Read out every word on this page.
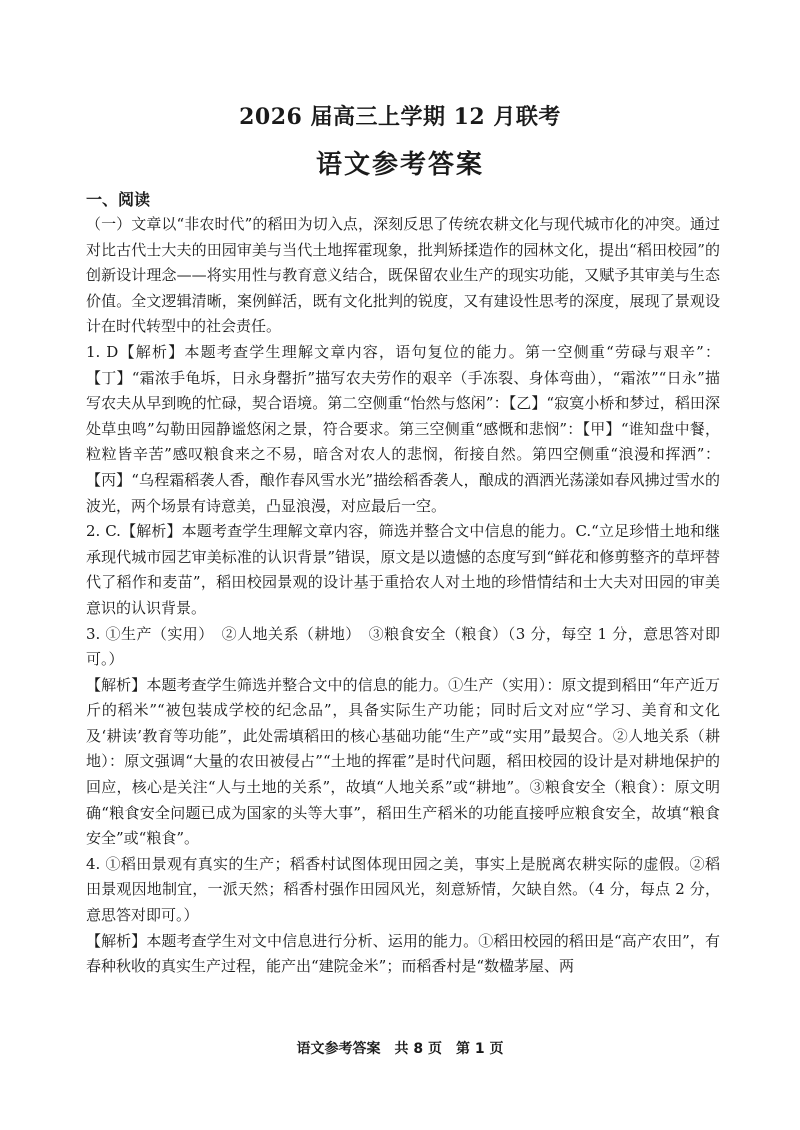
2026 届高三上学期 12 月联考
语文参考答案
一、阅读

（一）文章以“非农时代”的稻田为切入点，深刻反思了传统农耕文化与现代城市化的冲突。通过对比古代士大夫的田园审美与当代土地挥霍现象，批判矫揉造作的园林文化，提出“稻田校园”的创新设计理念——将实用性与教育意义结合，既保留农业生产的现实功能，又赋予其审美与生态价值。全文逻辑清晰，案例鲜活，既有文化批判的锐度，又有建设性思考的深度，展现了景观设计在时代转型中的社会责任。

1. D【解析】本题考查学生理解文章内容，语句复位的能力。第一空侧重“劳碌与艰辛”：【丁】“霜浓手龟坼，日永身罄折”描写农夫劳作的艰辛（手冻裂、身体弯曲），“霜浓”“日永”描写农夫从早到晚的忙碌，契合语境。第二空侧重“怡然与悠闲”：【乙】“寂寞小桥和梦过，稻田深处草虫鸣”勾勒田园静谧悠闲之景，符合要求。第三空侧重“感慨和悲悯”：【甲】“谁知盘中餐，粒粒皆辛苦”感叹粮食来之不易，暗含对农人的悲悯，衔接自然。第四空侧重“浪漫和挥洒”：【丙】“乌程霜稻袭人香，酿作春风雪水光”描绘稻香袭人，酿成的酒洒光荡漾如春风拂过雪水的波光，两个场景有诗意美，凸显浪漫，对应最后一空。

2. C.【解析】本题考查学生理解文章内容，筛选并整合文中信息的能力。C.“立足珍惜土地和继承现代城市园艺审美标准的认识背景”错误，原文是以遗憾的态度写到“鲜花和修剪整齐的草坪替代了稻作和麦苗”，稻田校园景观的设计基于重拾农人对土地的珍惜情结和士大夫对田园的审美意识的认识背景。

3. ①生产（实用）　②人地关系（耕地）　③粮食安全（粮食）（3 分，每空 1 分，意思答对即可。）

【解析】本题考查学生筛选并整合文中的信息的能力。①生产（实用）：原文提到稻田“年产近万斤的稻米”“被包装成学校的纪念品”，具备实际生产功能；同时后文对应“学习、美育和文化及‘耕读’教育等功能”，此处需填稻田的核心基础功能“生产”或“实用”最契合。②人地关系（耕地）：原文强调“大量的农田被侵占”“土地的挥霍”是时代问题，稻田校园的设计是对耕地保护的回应，核心是关注“人与土地的关系”，故填“人地关系”或“耕地”。③粮食安全（粮食）：原文明确“粮食安全问题已成为国家的头等大事”，稻田生产稻米的功能直接呼应粮食安全，故填“粮食安全”或“粮食”。

4. ①稻田景观有真实的生产；稻香村试图体现田园之美，事实上是脱离农耕实际的虚假。②稻田景观因地制宜，一派天然；稻香村强作田园风光，刻意矫情，欠缺自然。（4 分，每点 2 分，意思答对即可。）

【解析】本题考查学生对文中信息进行分析、运用的能力。①稻田校园的稻田是“高产农田”，有春种秋收的真实生产过程，能产出“建院金米”；而稻香村是“数楹茅屋、两

语文参考答案　共 8 页　第 1 页
